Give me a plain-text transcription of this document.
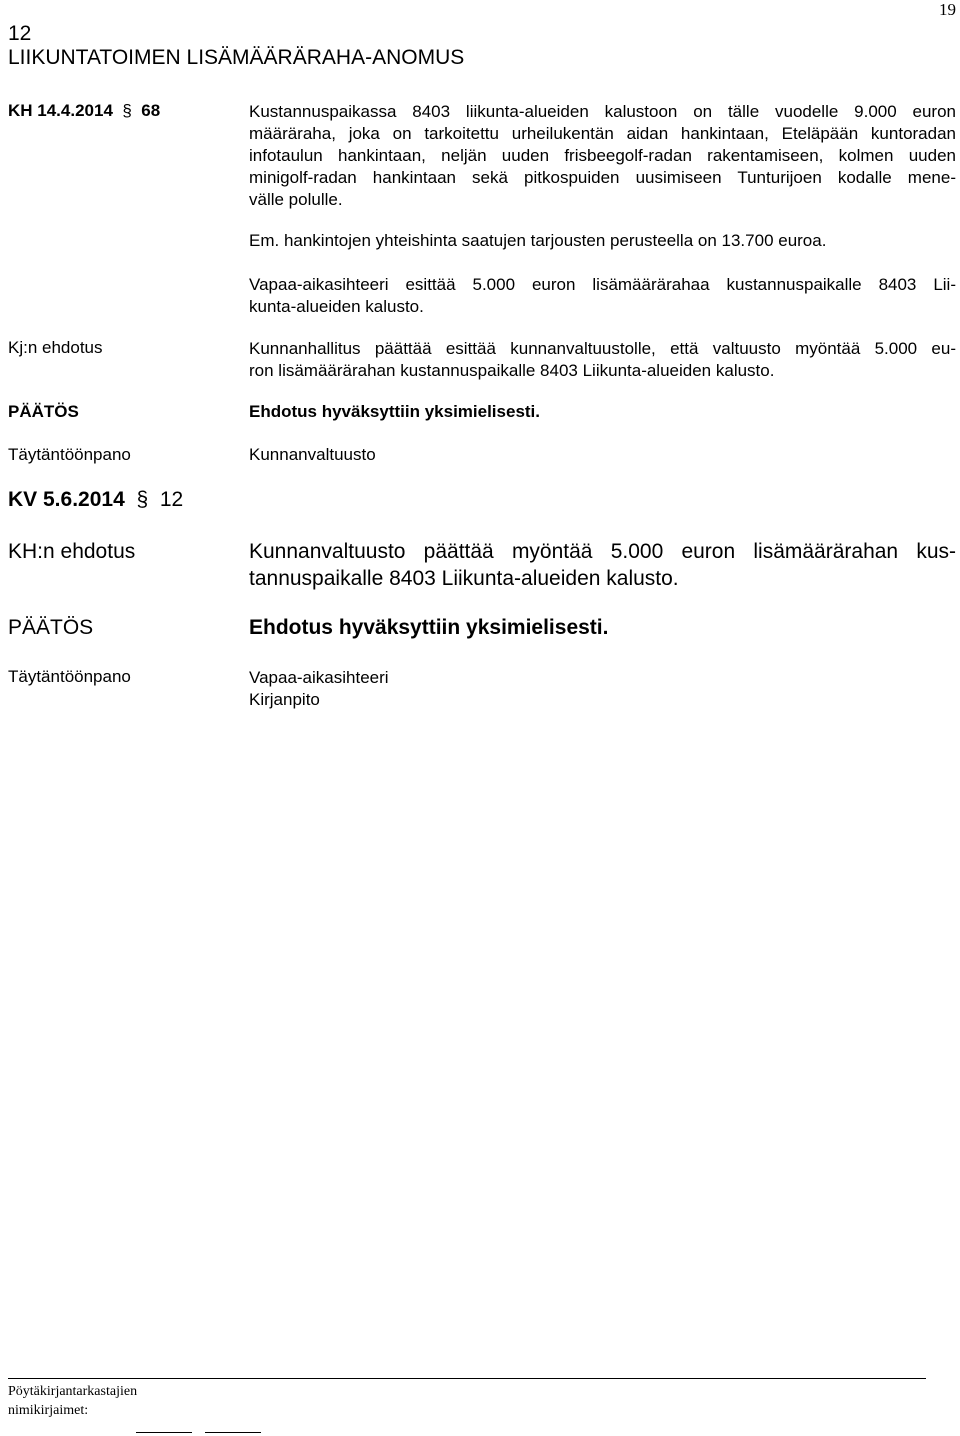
19
12
LIIKUNTATOIMEN LISÄMÄÄRÄRAHA-ANOMUS
KH 14.4.2014  §  68	Kustannuspaikassa 8403 liikunta-alueiden kalustoon on tälle vuodelle 9.000 euron
määräraha, joka on tarkoitettu urheilukentän aidan hankintaan, Eteläpään kuntoradan
infotaulun hankintaan, neljän uuden frisbeegolf-radan rakentamiseen, kolmen uuden
minigolf-radan hankintaan sekä pitkospuiden uusimiseen Tunturijoen kodalle mene-
välle polulle.
Em. hankintojen yhteishinta saatujen tarjousten perusteella on 13.700 euroa.
Vapaa-aikasihteeri esittää 5.000 euron lisämäärärahaa kustannuspaikalle 8403 Lii-
kunta-alueiden kalusto.
Kj:n ehdotus	Kunnanhallitus päättää esittää kunnanvaltuustolle, että valtuusto myöntää 5.000 eu-
ron lisämäärärahan kustannuspaikalle 8403 Liikunta-alueiden kalusto.
PÄÄTÖS	Ehdotus hyväksyttiin yksimielisesti.
Täytäntöönpano	Kunnanvaltuusto
KV 5.6.2014  §  12
KH:n ehdotus	Kunnanvaltuusto päättää myöntää 5.000 euron lisämäärärahan kus-
tannuspaikalle 8403 Liikunta-alueiden kalusto.
PÄÄTÖS	Ehdotus hyväksyttiin yksimielisesti.
Täytäntöönpano	Vapaa-aikasihteeri
Kirjanpito
Pöytäkirjantarkastajien
nimikirjaimet:
